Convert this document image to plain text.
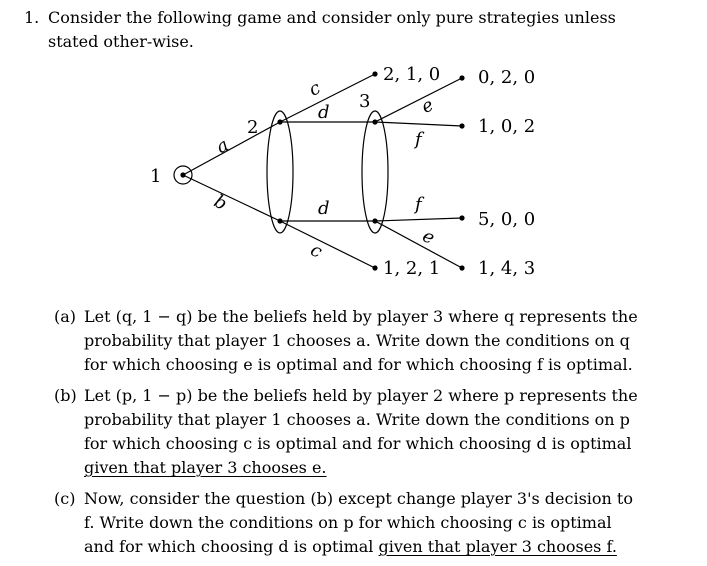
1. Consider the following game and consider only pure strategies unless stated other-wise.
1
2
3
a
b
c
d
d
c
e
f
f
e
2, 1, 0 0, 2, 0
1, 0, 2
5, 0, 0
1, 2, 1 1, 4, 3
(a) Let (q, 1 − q) be the beliefs held by player 3 where q represents the probability that player 1 chooses a. Write down the conditions on q for which choosing e is optimal and for which choosing f is optimal.
(b) Let (p, 1 − p) be the beliefs held by player 2 where p represents the probability that player 1 chooses a. Write down the conditions on p for which choosing c is optimal and for which choosing d is optimal given that player 3 chooses e.
(c) Now, consider the question (b) except change player 3's decision to f. Write down the conditions on p for which choosing c is optimal and for which choosing d is optimal given that player 3 chooses f.
